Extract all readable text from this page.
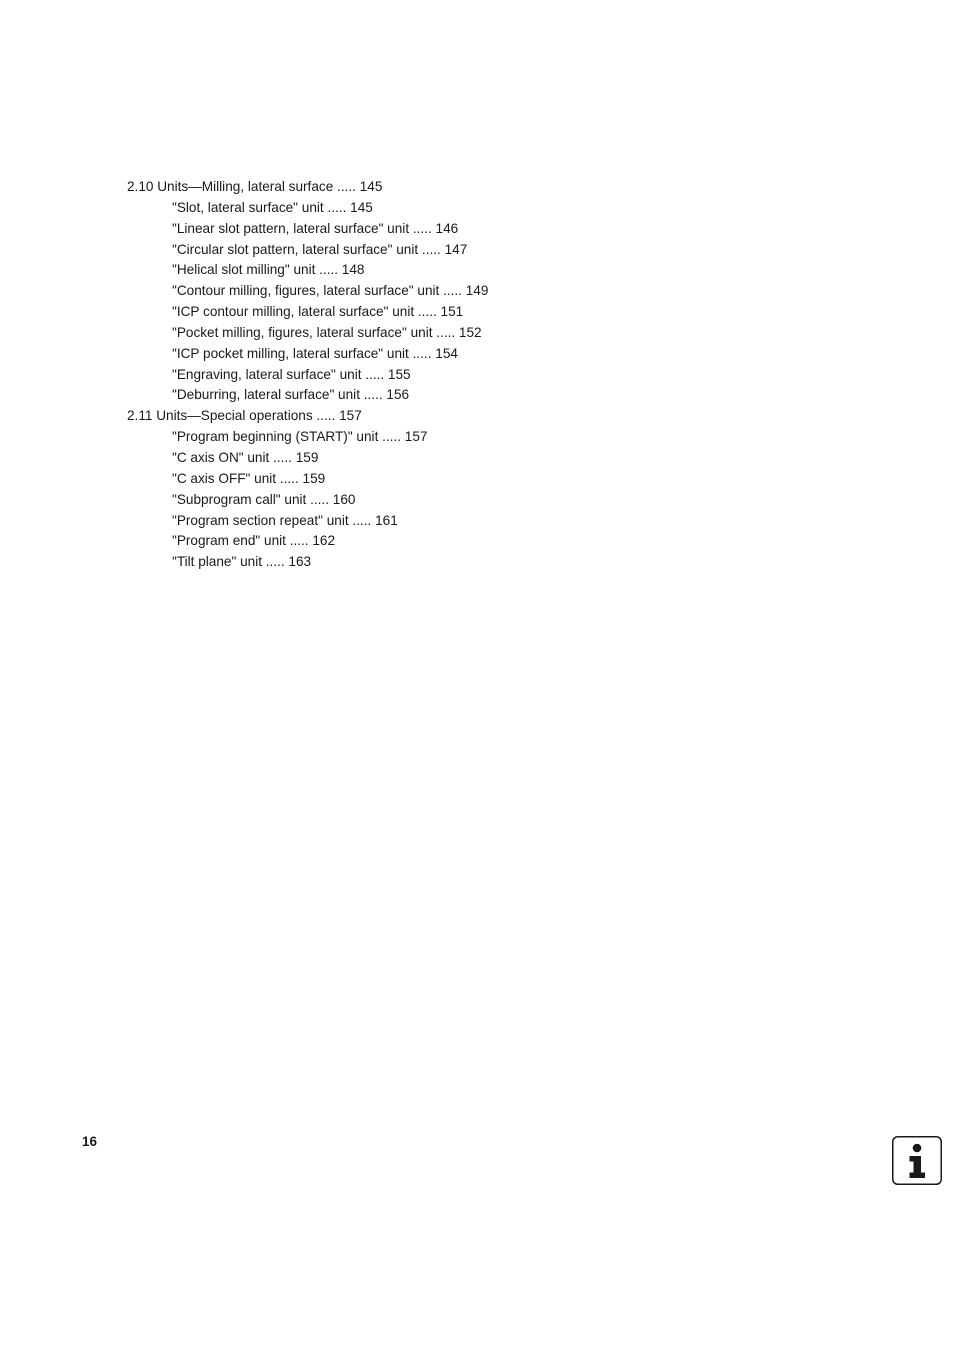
2.10 Units—Milling, lateral surface ..... 145
"Slot, lateral surface" unit ..... 145
"Linear slot pattern, lateral surface" unit ..... 146
"Circular slot pattern, lateral surface" unit ..... 147
"Helical slot milling" unit ..... 148
"Contour milling, figures, lateral surface" unit ..... 149
"ICP contour milling, lateral surface" unit ..... 151
"Pocket milling, figures, lateral surface" unit ..... 152
"ICP pocket milling, lateral surface" unit ..... 154
"Engraving, lateral surface" unit ..... 155
"Deburring, lateral surface" unit ..... 156
2.11 Units—Special operations ..... 157
"Program beginning (START)" unit ..... 157
"C axis ON" unit ..... 159
"C axis OFF" unit ..... 159
"Subprogram call" unit ..... 160
"Program section repeat" unit ..... 161
"Program end" unit ..... 162
"Tilt plane" unit ..... 163
16
